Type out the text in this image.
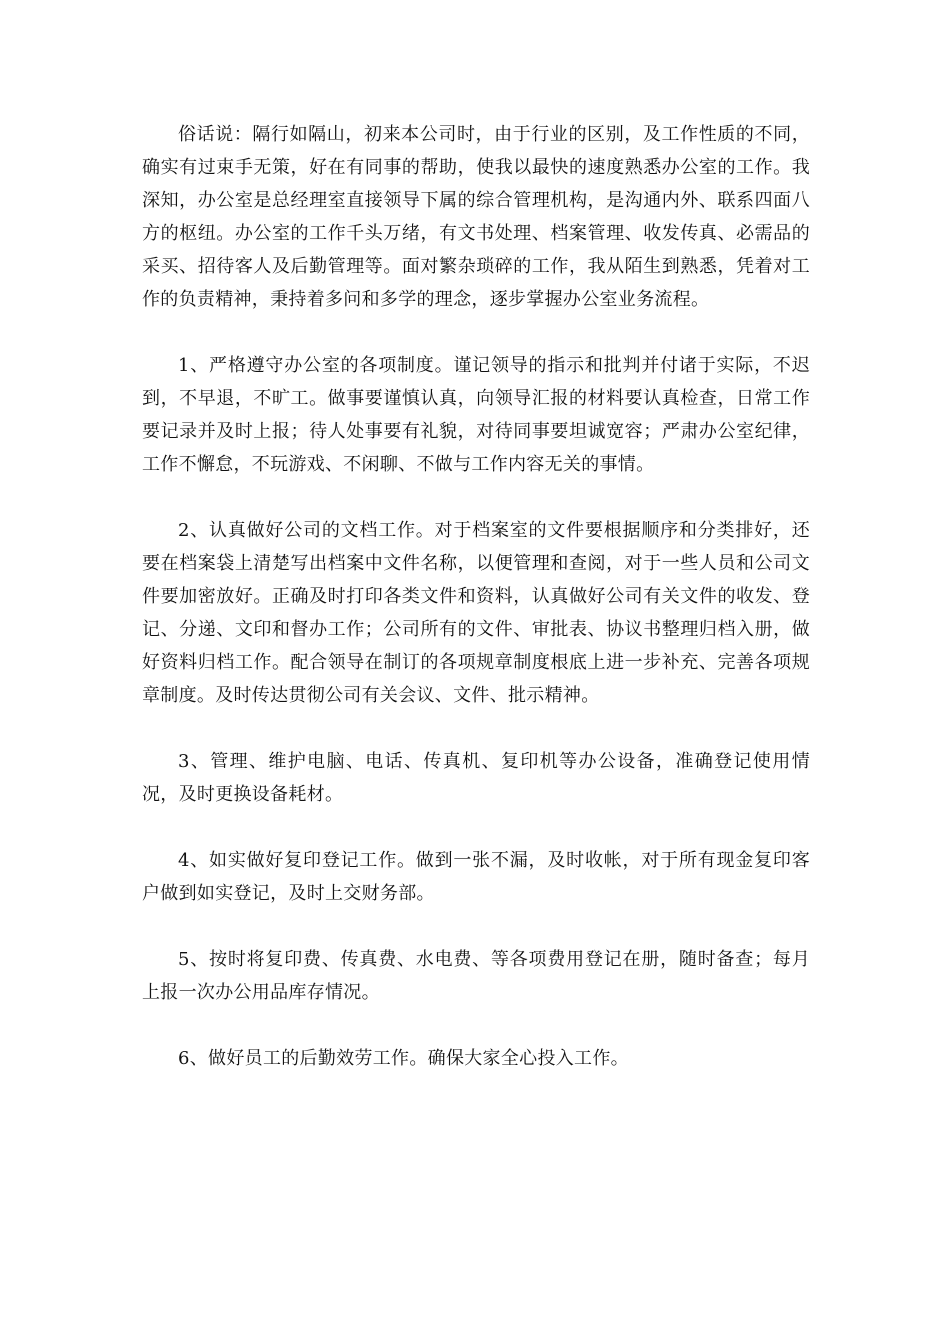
俗话说：隔行如隔山，初来本公司时，由于行业的区别，及工作性质的不同，确实有过束手无策，好在有同事的帮助，使我以最快的速度熟悉办公室的工作。我深知，办公室是总经理室直接领导下属的综合管理机构，是沟通内外、联系四面八方的枢纽。办公室的工作千头万绪，有文书处理、档案管理、收发传真、必需品的采买、招待客人及后勤管理等。面对繁杂琐碎的工作，我从陌生到熟悉，凭着对工作的负责精神，秉持着多问和多学的理念，逐步掌握办公室业务流程。

1、严格遵守办公室的各项制度。谨记领导的指示和批判并付诸于实际，不迟到，不早退，不旷工。做事要谨慎认真，向领导汇报的材料要认真检查，日常工作要记录并及时上报；待人处事要有礼貌，对待同事要坦诚宽容；严肃办公室纪律，工作不懈怠，不玩游戏、不闲聊、不做与工作内容无关的事情。

2、认真做好公司的文档工作。对于档案室的文件要根据顺序和分类排好，还要在档案袋上清楚写出档案中文件名称，以便管理和查阅，对于一些人员和公司文件要加密放好。正确及时打印各类文件和资料，认真做好公司有关文件的收发、登记、分递、文印和督办工作；公司所有的文件、审批表、协议书整理归档入册，做好资料归档工作。配合领导在制订的各项规章制度根底上进一步补充、完善各项规章制度。及时传达贯彻公司有关会议、文件、批示精神。

3、管理、维护电脑、电话、传真机、复印机等办公设备，准确登记使用情况，及时更换设备耗材。

4、如实做好复印登记工作。做到一张不漏，及时收帐，对于所有现金复印客户做到如实登记，及时上交财务部。

5、按时将复印费、传真费、水电费、等各项费用登记在册，随时备查；每月上报一次办公用品库存情况。

6、做好员工的后勤效劳工作。确保大家全心投入工作。
